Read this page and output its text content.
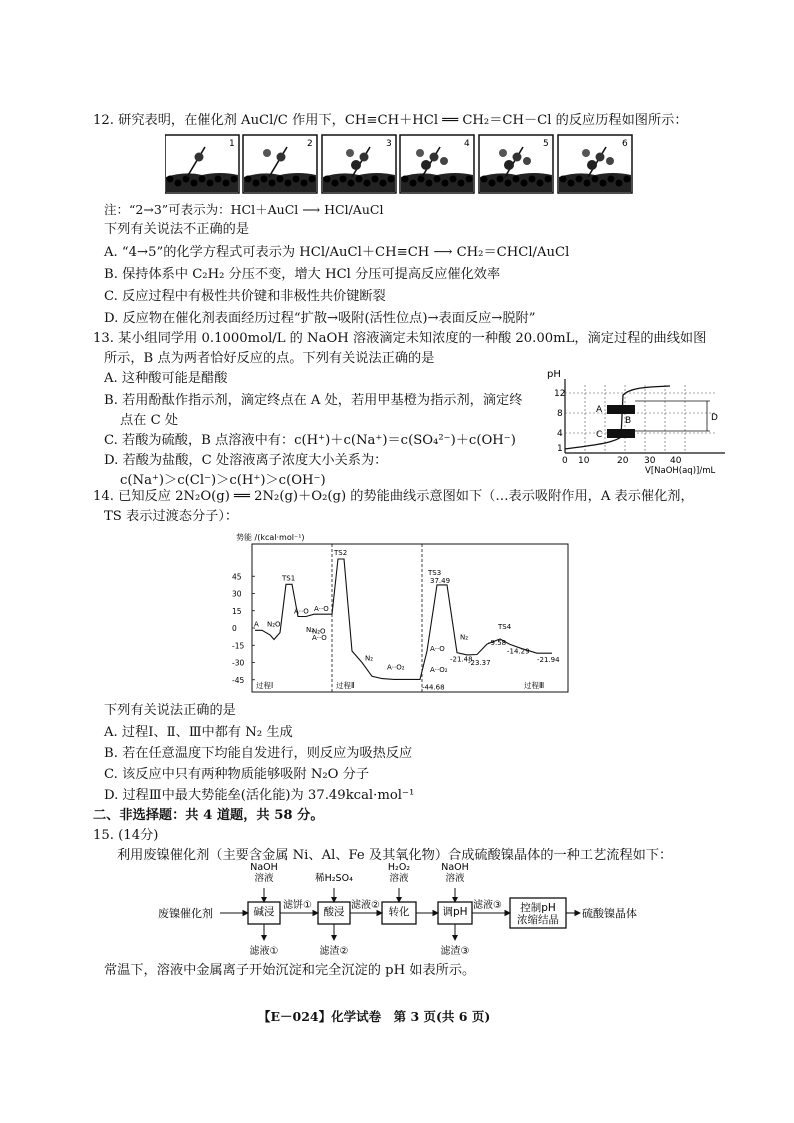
12. 研究表明，在催化剂 AuCl/C 作用下，CH≡CH＋HCl ══ CH₂＝CH－Cl 的反应历程如图所示：
1	2	3	4	5	6
注：“2→3”可表示为：HCl＋AuCl ⟶ HCl/AuCl
下列有关说法不正确的是
A. “4→5”的化学方程式可表示为 HCl/AuCl＋CH≡CH ⟶ CH₂＝CHCl/AuCl
B. 保持体系中 C₂H₂ 分压不变，增大 HCl 分压可提高反应催化效率
C. 反应过程中有极性共价键和非极性共价键断裂
D. 反应物在催化剂表面经历过程“扩散→吸附(活性位点)→表面反应→脱附”
13. 某小组同学用 0.1000mol/L 的 NaOH 溶液滴定未知浓度的一种酸 20.00mL，滴定过程的曲线如图
所示，B 点为两者恰好反应的点。下列有关说法正确的是
A. 这种酸可能是醋酸
B. 若用酚酞作指示剂，滴定终点在 A 处，若用甲基橙为指示剂，滴定终
点在 C 处
C. 若酸为硫酸，B 点溶液中有：c(H⁺)＋c(Na⁺)＝c(SO₄²⁻)＋c(OH⁻)
D. 若酸为盐酸，C 处溶液离子浓度大小关系为：
c(Na⁺)＞c(Cl⁻)＞c(H⁺)＞c(OH⁻)
pH
12
8
4
1
0 10	20 30 40
V[NaOH(aq)]/mL
A
B
C
D
14. 已知反应 2N₂O(g) ══ 2N₂(g)＋O₂(g) 的势能曲线示意图如下（…表示吸附作用，A 表示催化剂，
TS 表示过渡态分子）：
势能 /(kcal·mol⁻¹)
45
30
15
0
-15
-30
-45
TS1
TS2
TS3
37.49
TS4
A N₂O
A··O
N₂
A··O
N₂O
A··O
N₂
A··O₂
A··O
-9.58
-14.29
-21.48
-23.37	-21.94
-44.68
N₂
A··O₂
过程Ⅰ	过程Ⅱ	过程Ⅲ
下列有关说法正确的是
A. 过程Ⅰ、Ⅱ、Ⅲ中都有 N₂ 生成
B. 若在任意温度下均能自发进行，则反应为吸热反应
C. 该反应中只有两种物质能够吸附 N₂O 分子
D. 过程Ⅲ中最大势能垒(活化能)为 37.49kcal·mol⁻¹
二、非选择题：共 4 道题，共 58 分。
15. (14分)
利用废镍催化剂（主要含金属 Ni、Al、Fe 及其氧化物）合成硫酸镍晶体的一种工艺流程如下：
废镍催化剂	碱浸	酸浸	转化	调pH	控制pH
浓缩结晶 硫酸镍晶体
滤饼①	滤液②	滤液③
NaOH
溶液	稀H₂SO₄
H₂O₂
溶液
NaOH
溶液
滤液①	滤渣②	滤渣③
常温下，溶液中金属离子开始沉淀和完全沉淀的 pH 如表所示。
【E－024】化学试卷　第 3 页(共 6 页)
